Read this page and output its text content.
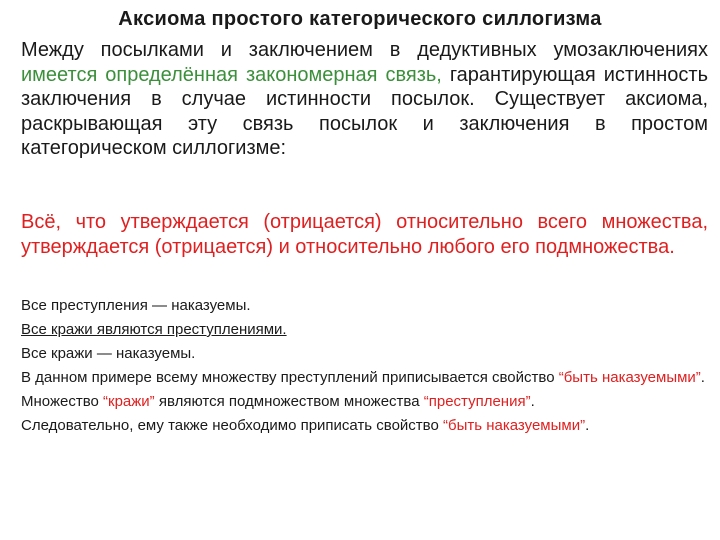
Аксиома простого категорического силлогизма
Между посылками и заключением в дедуктивных умозаключениях имеется определённая закономерная связь, гарантирующая истинность заключения в случае истинности посылок. Существует аксиома, раскрывающая эту связь посылок и заключения в простом категорическом силлогизме:
Всё, что утверждается (отрицается) относительно всего множества, утверждается (отрицается) и относительно любого его подмножества.
Все преступления — наказуемы.
Все кражи являются преступлениями.
Все кражи — наказуемы.
В данном примере всему множеству преступлений приписывается свойство “быть наказуемыми”.
Множество “кражи” являются подмножеством множества “преступления”.
Следовательно, ему также необходимо приписать свойство “быть наказуемыми”.
